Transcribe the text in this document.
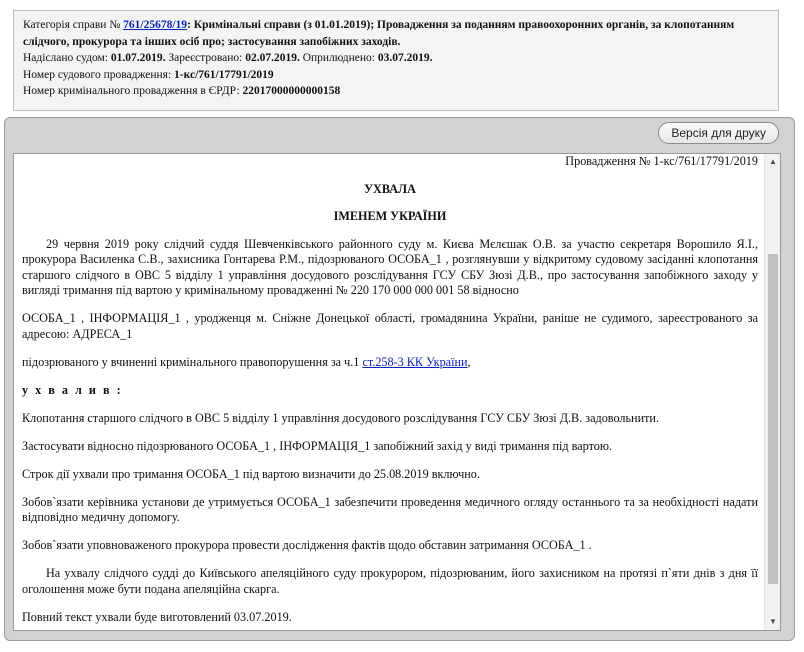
Категорія справи № 761/25678/19: Кримінальні справи (з 01.01.2019); Провадження за поданням правоохоронних органів, за клопотанням слідчого, прокурора та інших осіб про; застосування запобіжних заходів.
Надіслано судом: 01.07.2019. Зареєстровано: 02.07.2019. Оприлюднено: 03.07.2019.
Номер судового провадження: 1-кс/761/17791/2019
Номер кримінального провадження в ЄРДР: 22017000000000158
Версія для друку
Провадження № 1-кс/761/17791/2019
УХВАЛА
ІМЕНЕМ УКРАЇНИ

29 червня 2019 року слідчий суддя Шевченківського районного суду м. Києва Мєлєшак О.В. за участю секретаря Ворошило Я.І., прокурора Василенка С.В., захисника Гонтарева Р.М., підозрюваного ОСОБА_1 , розглянувши у відкритому судовому засіданні клопотання старшого слідчого в ОВС 5 відділу 1 управління досудового розслідування ГСУ СБУ Зюзі Д.В., про застосування запобіжного заходу у вигляді тримання під вартою у кримінальному провадженні № 220 170 000 000 001 58 відносно

ОСОБА_1 , ІНФОРМАЦІЯ_1 , уродженця м. Сніжне Донецької області, громадянина України, раніше не судимого, зареєстрованого за адресою: АДРЕСА_1

підозрюваного у вчиненні кримінального правопорушення за ч.1 ст.258-3 КК України,

у х в а л и в :

Клопотання старшого слідчого в ОВС 5 відділу 1 управління досудового розслідування ГСУ СБУ Зюзі Д.В. задовольнити.

Застосувати відносно підозрюваного ОСОБА_1 , ІНФОРМАЦІЯ_1 запобіжний захід у виді тримання під вартою.

Строк дії ухвали про тримання ОСОБА_1 під вартою визначити до 25.08.2019 включно.

Зобов`язати керівника установи де утримується ОСОБА_1 забезпечити проведення медичного огляду останнього та за необхідності надати відповідно медичну допомогу.

Зобов`язати уповноваженого прокурора провести дослідження фактів щодо обставин затримання ОСОБА_1 .

На ухвалу слідчого судді до Київського апеляційного суду прокурором, підозрюваним, його захисником на протязі п`яти днів з дня її оголошення може бути подана апеляційна скарга.

Повний текст ухвали буде виготовлений 03.07.2019.

▲
▼
